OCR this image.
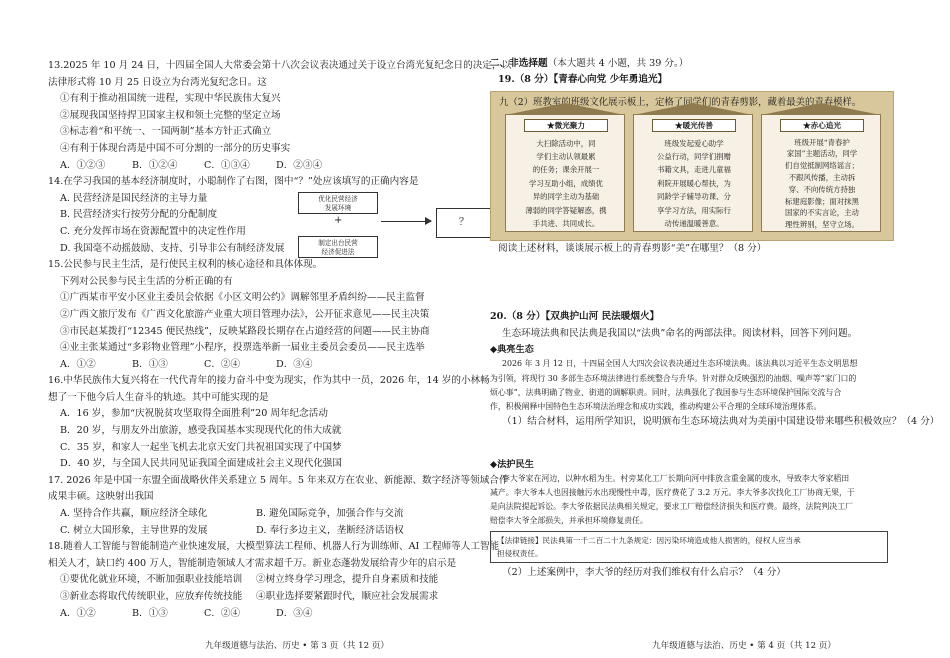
13.2025 年 10 月 24 日，十四届全国人大常委会第十八次会议表决通过关于设立台湾光复纪念日的决定，以

法律形式将 10 月 25 日设立为台湾光复纪念日。这

①有利于推动祖国统一进程，实现中华民族伟大复兴

②展现我国坚持捍卫国家主权和领土完整的坚定立场

③标志着“和平统一、一国两制”基本方针正式确立

④有利于体现台湾是中国不可分割的一部分的历史事实

A．①②③	B．①②④	C．①③④	D．②③④

14.在学习我国的基本经济制度时，小聪制作了右图，图中“？”处应该填写的正确内容是

A. 民营经济是国民经济的主导力量

B. 民营经济实行按劳分配的分配制度

C. 充分发挥市场在资源配置中的决定性作用

D. 我国毫不动摇鼓励、支持、引导非公有制经济发展

优化民营经济
发展环境
+
制定出台民营
经济促进法
？

15.公民参与民主生活，是行使民主权利的核心途径和具体体现。

下列对公民参与民主生活的分析正确的有

①广西某市平安小区业主委员会依据《小区文明公约》调解邻里矛盾纠纷——民主监督

②广西文旅厅发布《广西文化旅游产业重大项目管理办法》，公开征求意见——民主决策

③市民赵某拨打“12345 便民热线”，反映某路段长期存在占道经营的问题——民主协商

④业主张某通过“多彩物业管理”小程序，投票选举新一届业主委员会委员——民主选举

A．①②	B．①③	C．②④	D．③④

16.中华民族伟大复兴将在一代代青年的接力奋斗中变为现实，作为其中一员，2026 年，14 岁的小林畅

想了一下他今后人生奋斗的轨迹。其中可能实现的是

A．16 岁，参加“庆祝脱贫攻坚取得全面胜利”20 周年纪念活动

B．20 岁，与朋友外出旅游，感受我国基本实现现代化的伟大成就

C．35 岁，和家人一起坐飞机去北京天安门共祝祖国实现了中国梦

D．40 岁，与全国人民共同见证我国全面建成社会主义现代化强国

17. 2026 年是中国一东盟全面战略伙伴关系建立 5 周年。5 年来双方在农业、新能源、数字经济等领域合作

成果丰硕。这映射出我国

A. 坚持合作共赢，顺应经济全球化	B. 避免国际竞争，加强合作与交流
C. 树立大国形象，主导世界的发展	D. 奉行多边主义，垄断经济话语权

18.随着人工智能与智能制造产业快速发展，大模型算法工程师、机器人行为训练师、AI 工程师等人工智能

相关人才，缺口约 400 万人，智能制造领域人才需求超千万。新业态蓬勃发展给青少年的启示是

①要优化就业环境，不断加强职业技能培训	②树立终身学习理念，提升自身素质和技能
③新业态将取代传统职业，应放弃传统技能	④职业选择要紧跟时代，顺应社会发展需求
A．①②	B．①③	C．②④	D．③④
九年级道德与法治、历史 • 第 3 页（共 12 页）
二、非选择题（本大题共 4 小题，共 39 分。）

19.（8 分）【青春心向党 少年勇追光】

九（2）班教室的班级文化展示板上，定格了同学们的青春剪影，藏着最美的青春模样。
★微光聚力
大扫除活动中，同
学们主动认领最累
的任务；课余开展一
学习互助小组，成绩优
异的同学主动为基础
薄弱的同学答疑解惑，携
手共进、共同成长。
★暖光传善
班级发起爱心助学
公益行动，同学们捐赠
书籍文具，走进儿童福
利院开展暖心帮扶，为
同龄学子辅导功课、分
享学习方法，用实际行
动传递温暖善意。
★赤心追光
班级开展“青春护
家国”主题活动，同学
们自觉抵制网络谣言；
不跟风传播，主动拆
穿、不向传统方持独
标建庭影像；面对抹黑
国家的不实言论，主动
理性辨别，坚守立场。

阅读上述材料，谈谈展示板上的青春剪影“美”在哪里？（8 分）

20.（8 分）【双典护山河 民法暖烟火】

生态环境法典和民法典是我国以“法典”命名的两部法律。阅读材料，回答下列问题。

◆典亮生态

2026 年 3 月 12 日，十四届全国人大四次会议表决通过生态环境法典。该法典以习近平生态文明思想

为引领，将现行 30 多部生态环境法律进行系统整合与升华。针对群众反映强烈的油烟、噪声等“家门口的

烦心事”，法典明确了物业、街道的调解职责。同时，法典强化了我国参与生态环境保护国际交流与合

作，积极阐释中国特色生态环境法治理念和成功实践，推动构建公平合理的全球环境治理体系。

（1）结合材料，运用所学知识，说明颁布生态环境法典对为美丽中国建设带来哪些积极效应？（4 分）

◆法护民生

李大爷家在河边，以种水稻为生。村旁某化工厂长期向河中排放含重金属的废水，导致李大爷家稻田

减产。李大爷本人也因接触污水出现慢性中毒，医疗费花了 3.2 万元。李大爷多次找化工厂协商无果，于

是向法院提起诉讼。李大爷依据民法典相关规定，要求工厂赔偿经济损失和医疗费。最终，法院判决工厂

赔偿李大爷全部损失，并承担环境修复责任。

【法律链接】民法典第一千二百二十九条规定：因污染环境造成他人损害的，侵权人应当承
担侵权责任。

（2）上述案例中，李大爷的经历对我们维权有什么启示？（4 分）

九年级道德与法治、历史 • 第 4 页（共 12 页）
